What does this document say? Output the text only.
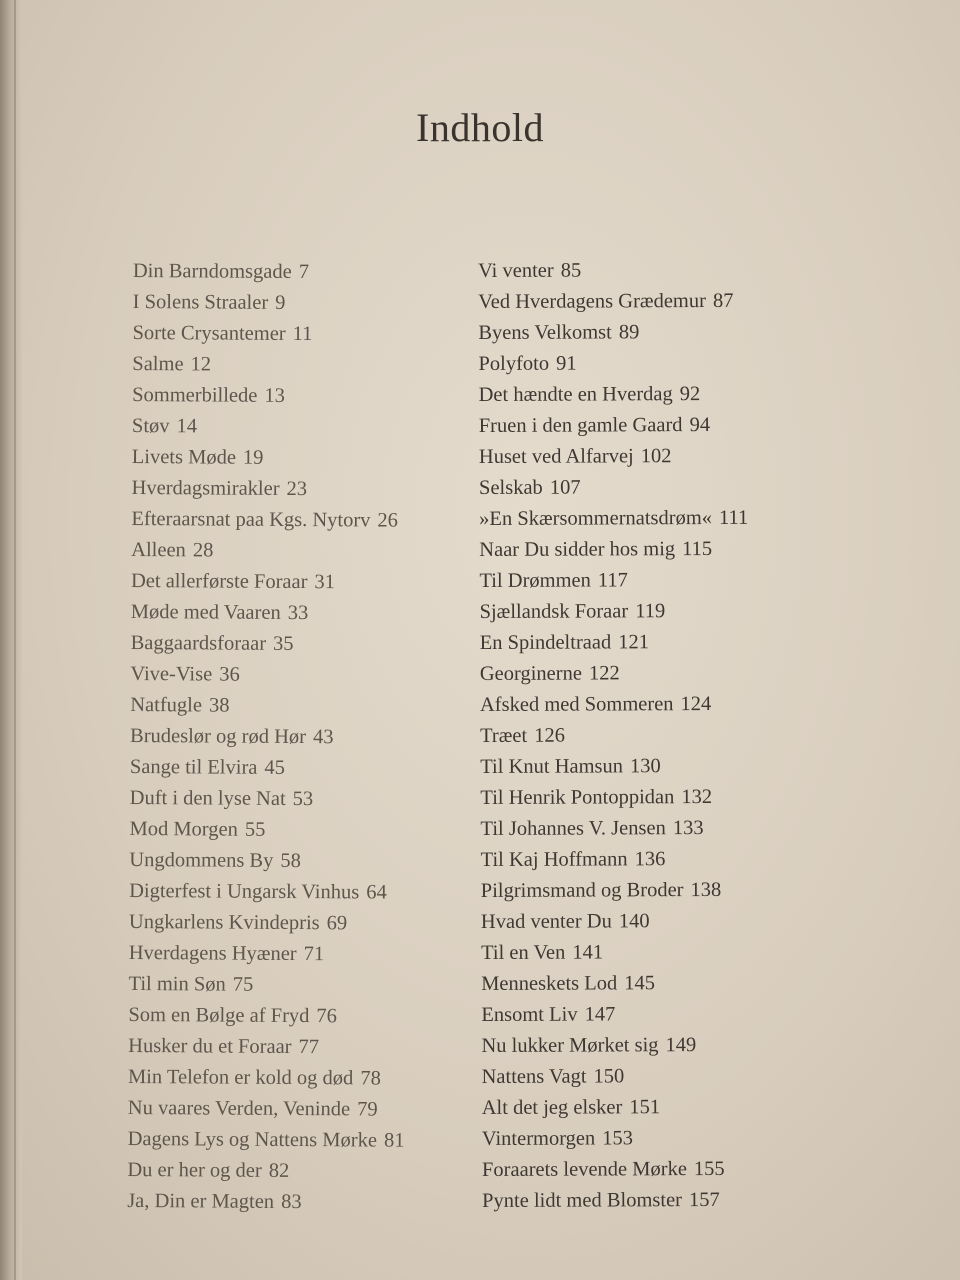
Indhold
Din Barndomsgade 7
I Solens Straaler 9
Sorte Crysantemer 11
Salme 12
Sommerbillede 13
Støv 14
Livets Møde 19
Hverdagsmirakler 23
Efteraarsnat paa Kgs. Nytorv 26
Alleen 28
Det allerførste Foraar 31
Møde med Vaaren 33
Baggaardsforaar 35
Vive-Vise 36
Natfugle 38
Brudeslør og rød Hør 43
Sange til Elvira 45
Duft i den lyse Nat 53
Mod Morgen 55
Ungdommens By 58
Digterfest i Ungarsk Vinhus 64
Ungkarlens Kvindepris 69
Hverdagens Hyæner 71
Til min Søn 75
Som en Bølge af Fryd 76
Husker du et Foraar 77
Min Telefon er kold og død 78
Nu vaares Verden, Veninde 79
Dagens Lys og Nattens Mørke 81
Du er her og der 82
Ja, Din er Magten 83
Vi venter 85
Ved Hverdagens Grædemur 87
Byens Velkomst 89
Polyfoto 91
Det hændte en Hverdag 92
Fruen i den gamle Gaard 94
Huset ved Alfarvej 102
Selskab 107
»En Skærsommernatsdrøm« 111
Naar Du sidder hos mig 115
Til Drømmen 117
Sjællandsk Foraar 119
En Spindeltraad 121
Georginerne 122
Afsked med Sommeren 124
Træet 126
Til Knut Hamsun 130
Til Henrik Pontoppidan 132
Til Johannes V. Jensen 133
Til Kaj Hoffmann 136
Pilgrimsmand og Broder 138
Hvad venter Du 140
Til en Ven 141
Menneskets Lod 145
Ensomt Liv 147
Nu lukker Mørket sig 149
Nattens Vagt 150
Alt det jeg elsker 151
Vintermorgen 153
Foraarets levende Mørke 155
Pynte lidt med Blomster 157
